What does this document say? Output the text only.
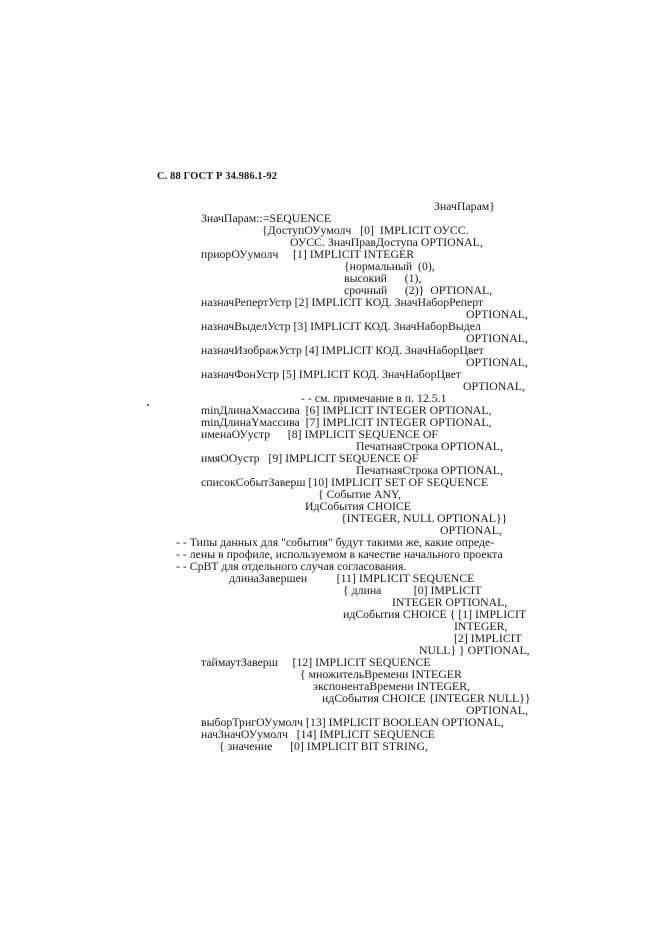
С. 88 ГОСТ Р 34.986.1-92
ЗначПарам}
ЗначПарам::=SEQUENCE
{ДоступОУумолч   [0]  IMPLICIT ОУСС.
ОУСС. ЗначПравДоступа OPTIONAL,
приорОУумолч     [1] IMPLICIT INTEGER
{нормальный  (0),
высокий      (1),
срочный      (2)}  OPTIONAL,
назначРепертУстр [2] IMPLICIT КОД. ЗначНаборРеперт
OPTIONAL,
назначВыделУстр [3] IMPLICIT КОД. ЗначНаборВыдел
OPTIONAL,
назначИзображУстр [4] IMPLICIT КОД. ЗначНаборЦвет
OPTIONAL,
назначФонУстр [5] IMPLICIT КОД. ЗначНаборЦвет
OPTIONAL,
- - см. примечание в п. 12.5.1
minДлинаXмассива  [6] IMPLICIT INTEGER OPTIONAL,
minДлинаYмассива  [7] IMPLICIT INTEGER OPTIONAL,
именаОУустр      [8] IMPLICIT SEQUENCE OF
ПечатнаяСтрока OPTIONAL,
имяООустр   [9] IMPLICIT SEQUENCE OF
ПечатнаяСтрока OPTIONAL,
списокСобытЗаверш [10] IMPLICIT SET OF SEQUENCE
{ Событие ANY,
ИдСобытия CHOICE
{INTEGER, NULL OPTIONAL}}
OPTIONAL,
- - Типы данных для "события" будут такими же, какие опреде-
- - лены в профиле, используемом в качестве начального проекта
- - СрВТ для отдельного случая согласования.
длинаЗавершен          [11] IMPLICIT SEQUENCE
{ длина           [0] IMPLICIT
INTEGER OPTIONAL,
идСобытия CHOICE { [1] IMPLICIT
INTEGER,
[2] IMPLICIT
NULL} } OPTIONAL,
таймаутЗаверш     [12] IMPLICIT SEQUENCE
{ множительВремени INTEGER
экспонентаВремени INTEGER,
идСобытия CHOICE {INTEGER NULL}}
OPTIONAL,
выборТригОУумолч [13] IMPLICIT BOOLEAN OPTIONAL,
начЗначОУумолч   [14] IMPLICIT SEQUENCE
{ значение      [0] IMPLICIT BIT STRING,
